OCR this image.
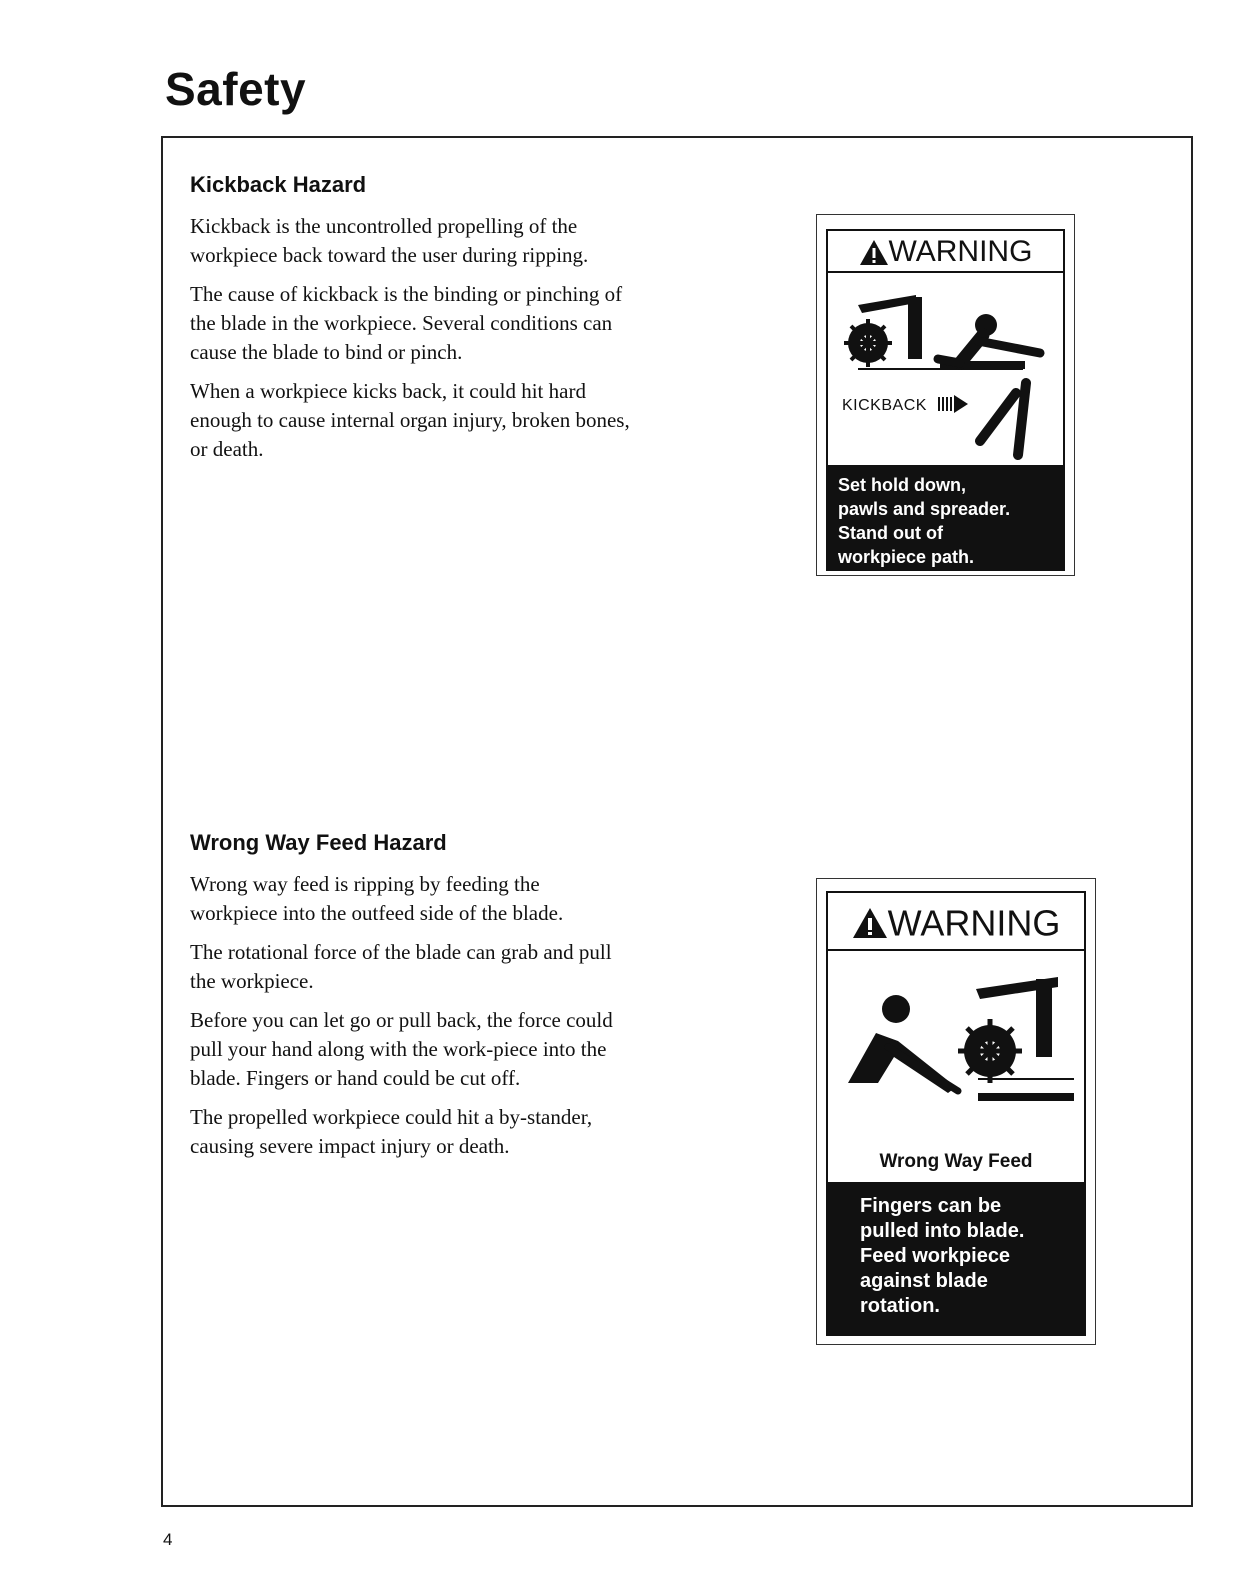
Safety
Kickback Hazard

Kickback is the uncontrolled propelling of the workpiece back toward the user during ripping.

The cause of kickback is the binding or pinching of the blade in the workpiece. Several conditions can cause the blade to bind or pinch.

When a workpiece kicks back, it could hit hard enough to cause internal organ injury, broken bones, or death.

WARNING
KICKBACK
Set hold down,
pawls and spreader.
Stand out of
workpiece path.
Wrong Way Feed Hazard

Wrong way feed is ripping by feeding the workpiece into the outfeed side of the blade.

The rotational force of the blade can grab and pull the workpiece.

Before you can let go or pull back, the force could pull your hand along with the work-piece into the blade. Fingers or hand could be cut off.

The propelled workpiece could hit a by-stander, causing severe impact injury or death.

WARNING
Wrong Way Feed
Fingers can be
pulled into blade.
Feed workpiece
against blade
rotation.
4
